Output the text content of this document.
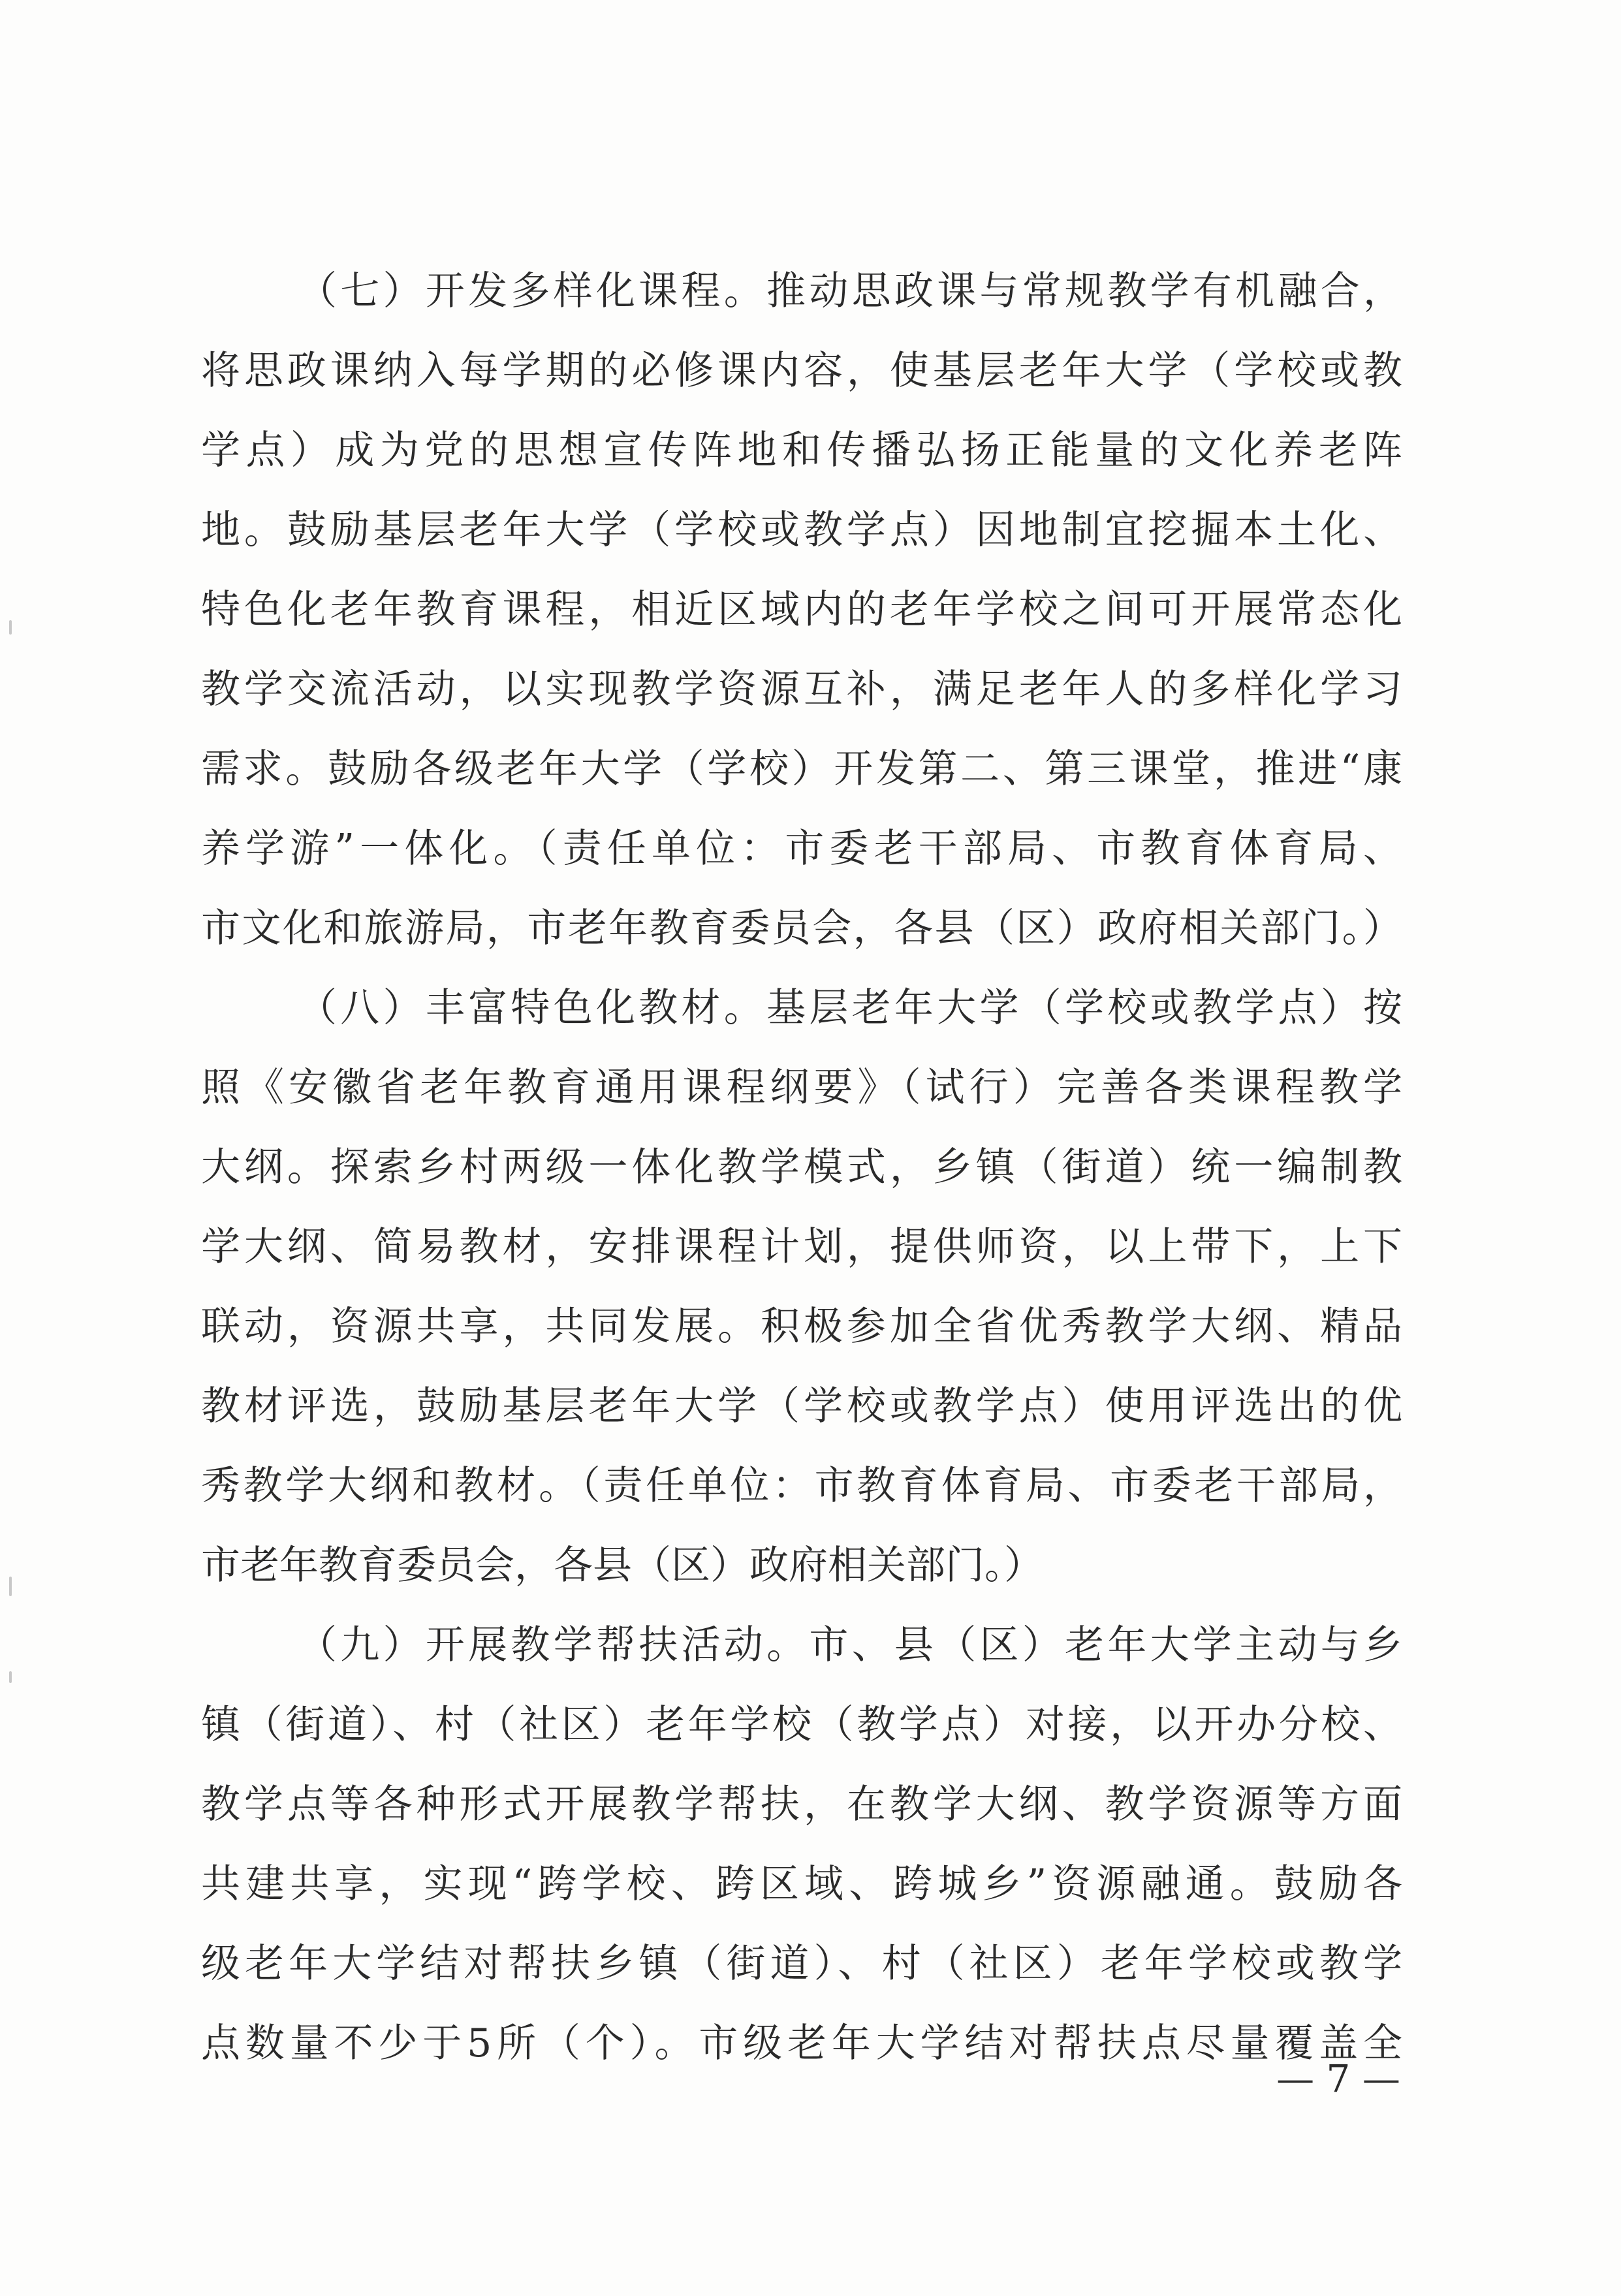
（七）开发多样化课程。推动思政课与常规教学有机融合，
将思政课纳入每学期的必修课内容，使基层老年大学（学校或教
学点）成为党的思想宣传阵地和传播弘扬正能量的文化养老阵
地。鼓励基层老年大学（学校或教学点）因地制宜挖掘本土化、
特色化老年教育课程，相近区域内的老年学校之间可开展常态化
教学交流活动，以实现教学资源互补，满足老年人的多样化学习
需求。鼓励各级老年大学（学校）开发第二、第三课堂，推进“康
养学游”一体化。（责任单位：市委老干部局、市教育体育局、
市文化和旅游局，市老年教育委员会，各县（区）政府相关部门。）
（八）丰富特色化教材。基层老年大学（学校或教学点）按
照《安徽省老年教育通用课程纲要》（试行）完善各类课程教学
大纲。探索乡村两级一体化教学模式，乡镇（街道）统一编制教
学大纲、简易教材，安排课程计划，提供师资，以上带下，上下
联动，资源共享，共同发展。积极参加全省优秀教学大纲、精品
教材评选，鼓励基层老年大学（学校或教学点）使用评选出的优
秀教学大纲和教材。（责任单位：市教育体育局、市委老干部局，
市老年教育委员会，各县（区）政府相关部门。）
（九）开展教学帮扶活动。市、县（区）老年大学主动与乡
镇（街道）、村（社区）老年学校（教学点）对接，以开办分校、
教学点等各种形式开展教学帮扶，在教学大纲、教学资源等方面
共建共享，实现“跨学校、跨区域、跨城乡”资源融通。鼓励各
级老年大学结对帮扶乡镇（街道）、村（社区）老年学校或教学
点数量不少于5所（个）。市级老年大学结对帮扶点尽量覆盖全
— 7 —
